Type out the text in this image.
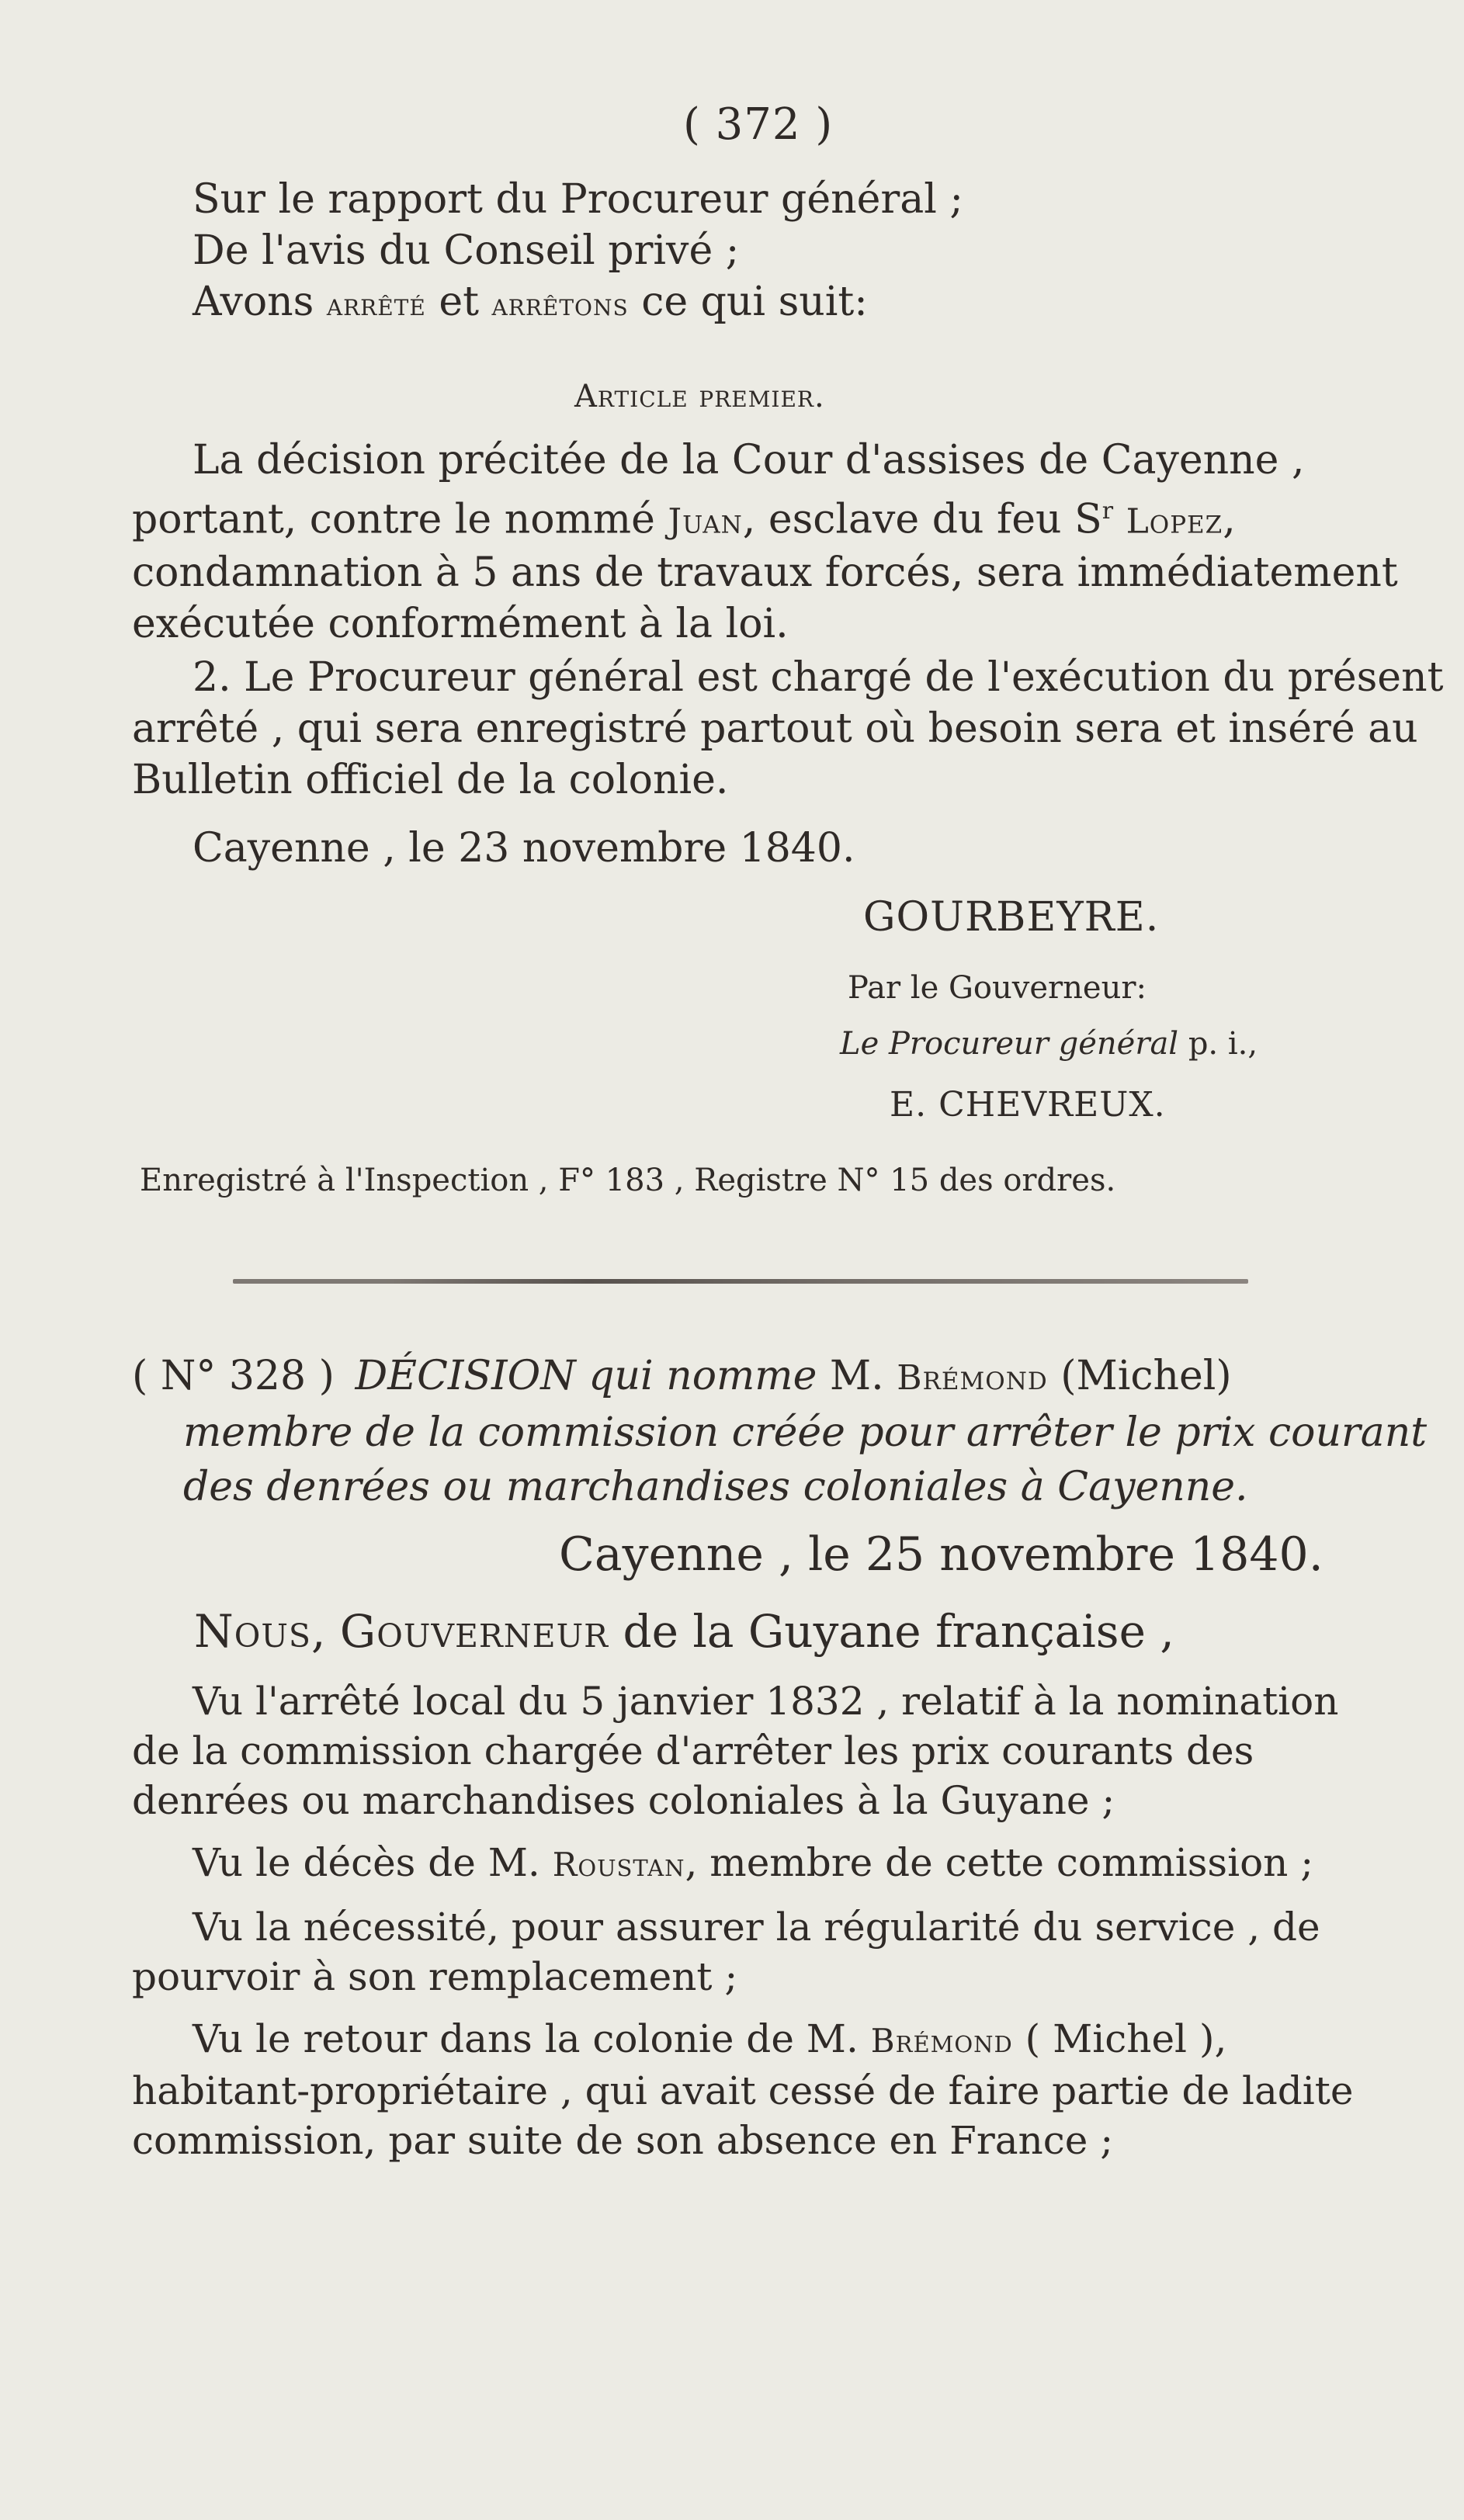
( 372 )
Sur le rapport du Procureur général ;
De l'avis du Conseil privé ;
Avons arrêté et arrêtons ce qui suit:
Article premier.
La décision précitée de la Cour d'assises de Cayenne ,
portant, contre le nommé Juan, esclave du feu $S^r$ Lopez,
condamnation à 5 ans de travaux forcés, sera immédiatement
exécutée conformément à la loi.
2. Le Procureur général est chargé de l'exécution du présent
arrêté , qui sera enregistré partout où besoin sera et inséré au
Bulletin officiel de la colonie.
Cayenne , le 23 novembre 1840.
GOURBEYRE.
Par le Gouverneur:
Le Procureur général p. i.,
E. CHEVREUX.
Enregistré à l'Inspection , F° 183 , Registre N° 15 des ordres.
( N° 328 ) DÉCISION qui nomme M. Brémond (Michel)
membre de la commission créée pour arrêter le prix courant
des denrées ou marchandises coloniales à Cayenne.
Cayenne , le 25 novembre 1840.
Nous, Gouverneur de la Guyane française ,
Vu l'arrêté local du 5 janvier 1832 , relatif à la nomination
de la commission chargée d'arrêter les prix courants des
denrées ou marchandises coloniales à la Guyane ;
Vu le décès de M. Roustan, membre de cette commission ;
Vu la nécessité, pour assurer la régularité du service , de
pourvoir à son remplacement ;
Vu le retour dans la colonie de M. Brémond ( Michel ),
habitant-propriétaire , qui avait cessé de faire partie de ladite
commission, par suite de son absence en France ;
